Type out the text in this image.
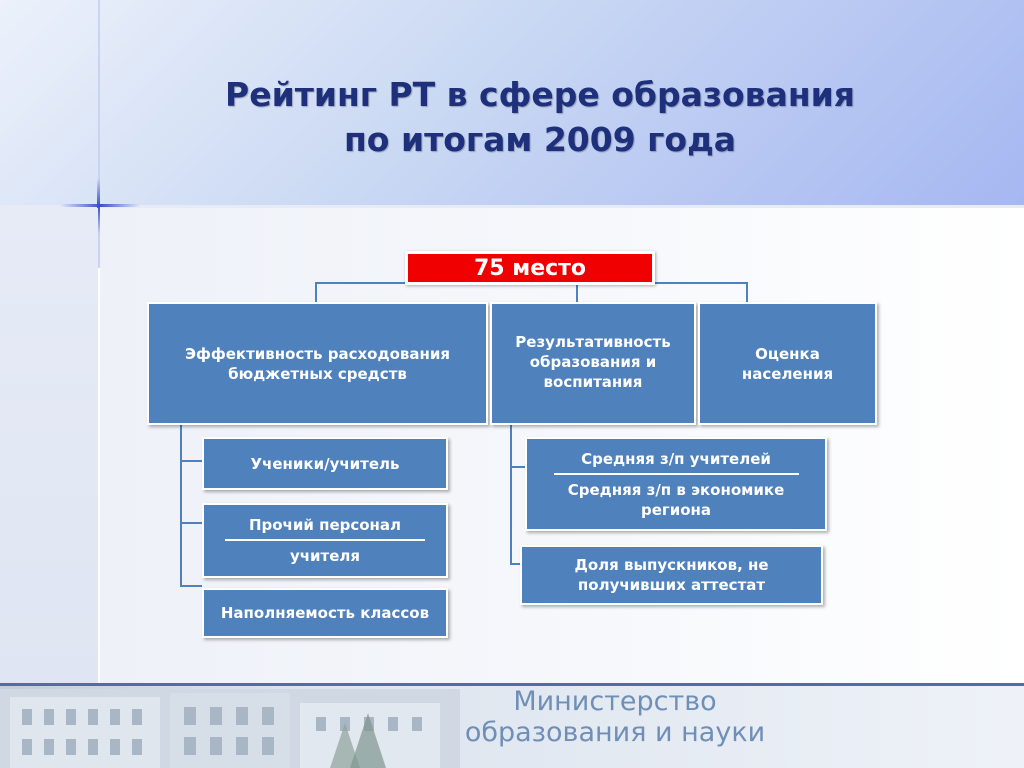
Рейтинг РТ в сфере образования
по итогам 2009 года
75 место
Эффективность расходования бюджетных средств
Результативность образования и воспитания
Оценка населения
Ученики/учитель
Прочий персонал
учителя
Наполняемость классов
Средняя з/п учителей
Средняя з/п в экономике региона
Доля выпускников, не получивших аттестат
Министерство
образования и науки
